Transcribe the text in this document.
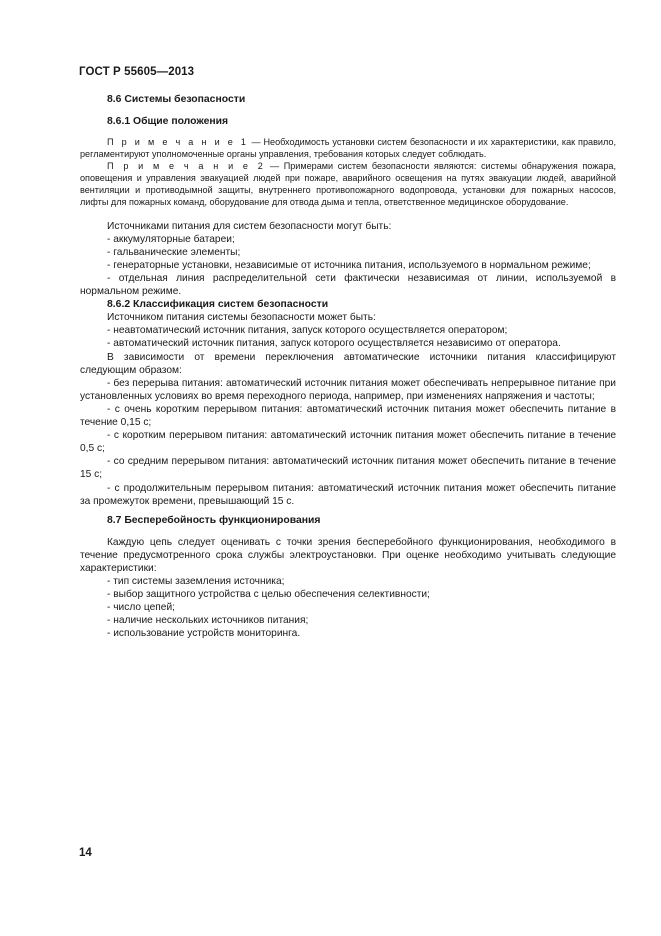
ГОСТ Р 55605—2013

8.6 Системы безопасности

8.6.1 Общие положения

П р и м е ч а н и е 1 — Необходимость установки систем безопасности и их характеристики, как правило, регламентируют уполномоченные органы управления, требования которых следует соблюдать.

П р и м е ч а н и е 2 — Примерами систем безопасности являются: системы обнаружения пожара, оповещения и управления эвакуацией людей при пожаре, аварийного освещения на путях эвакуации людей, аварийной вентиляции и противодымной защиты, внутреннего противопожарного водопровода, установки для пожарных насосов, лифты для пожарных команд, оборудование для отвода дыма и тепла, ответственное медицинское оборудование.

Источниками питания для систем безопасности могут быть:

- аккумуляторные батареи;

- гальванические элементы;

- генераторные установки, независимые от источника питания, используемого в нормальном режиме;

- отдельная линия распределительной сети фактически независимая от линии, используемой в нормальном режиме.

8.6.2 Классификация систем безопасности

Источником питания системы безопасности может быть:

- неавтоматический источник питания, запуск которого осуществляется оператором;

- автоматический источник питания, запуск которого осуществляется независимо от оператора.

В зависимости от времени переключения автоматические источники питания классифицируют следующим образом:

- без перерыва питания: автоматический источник питания может обеспечивать непрерывное питание при установленных условиях во время переходного периода, например, при изменениях напряжения и частоты;

- с очень коротким перерывом питания: автоматический источник питания может обеспечить питание в течение 0,15 с;

- с коротким перерывом питания: автоматический источник питания может обеспечить питание в течение 0,5 с;

- со средним перерывом питания: автоматический источник питания может обеспечить питание в течение 15 с;

- с продолжительным перерывом питания: автоматический источник питания может обеспечить питание за промежуток времени, превышающий 15 с.

8.7 Бесперебойность функционирования

Каждую цепь следует оценивать с точки зрения бесперебойного функционирования, необходимого в течение предусмотренного срока службы электроустановки. При оценке необходимо учитывать следующие характеристики:

- тип системы заземления источника;

- выбор защитного устройства с целью обеспечения селективности;

- число цепей;

- наличие нескольких источников питания;

- использование устройств мониторинга.

14
